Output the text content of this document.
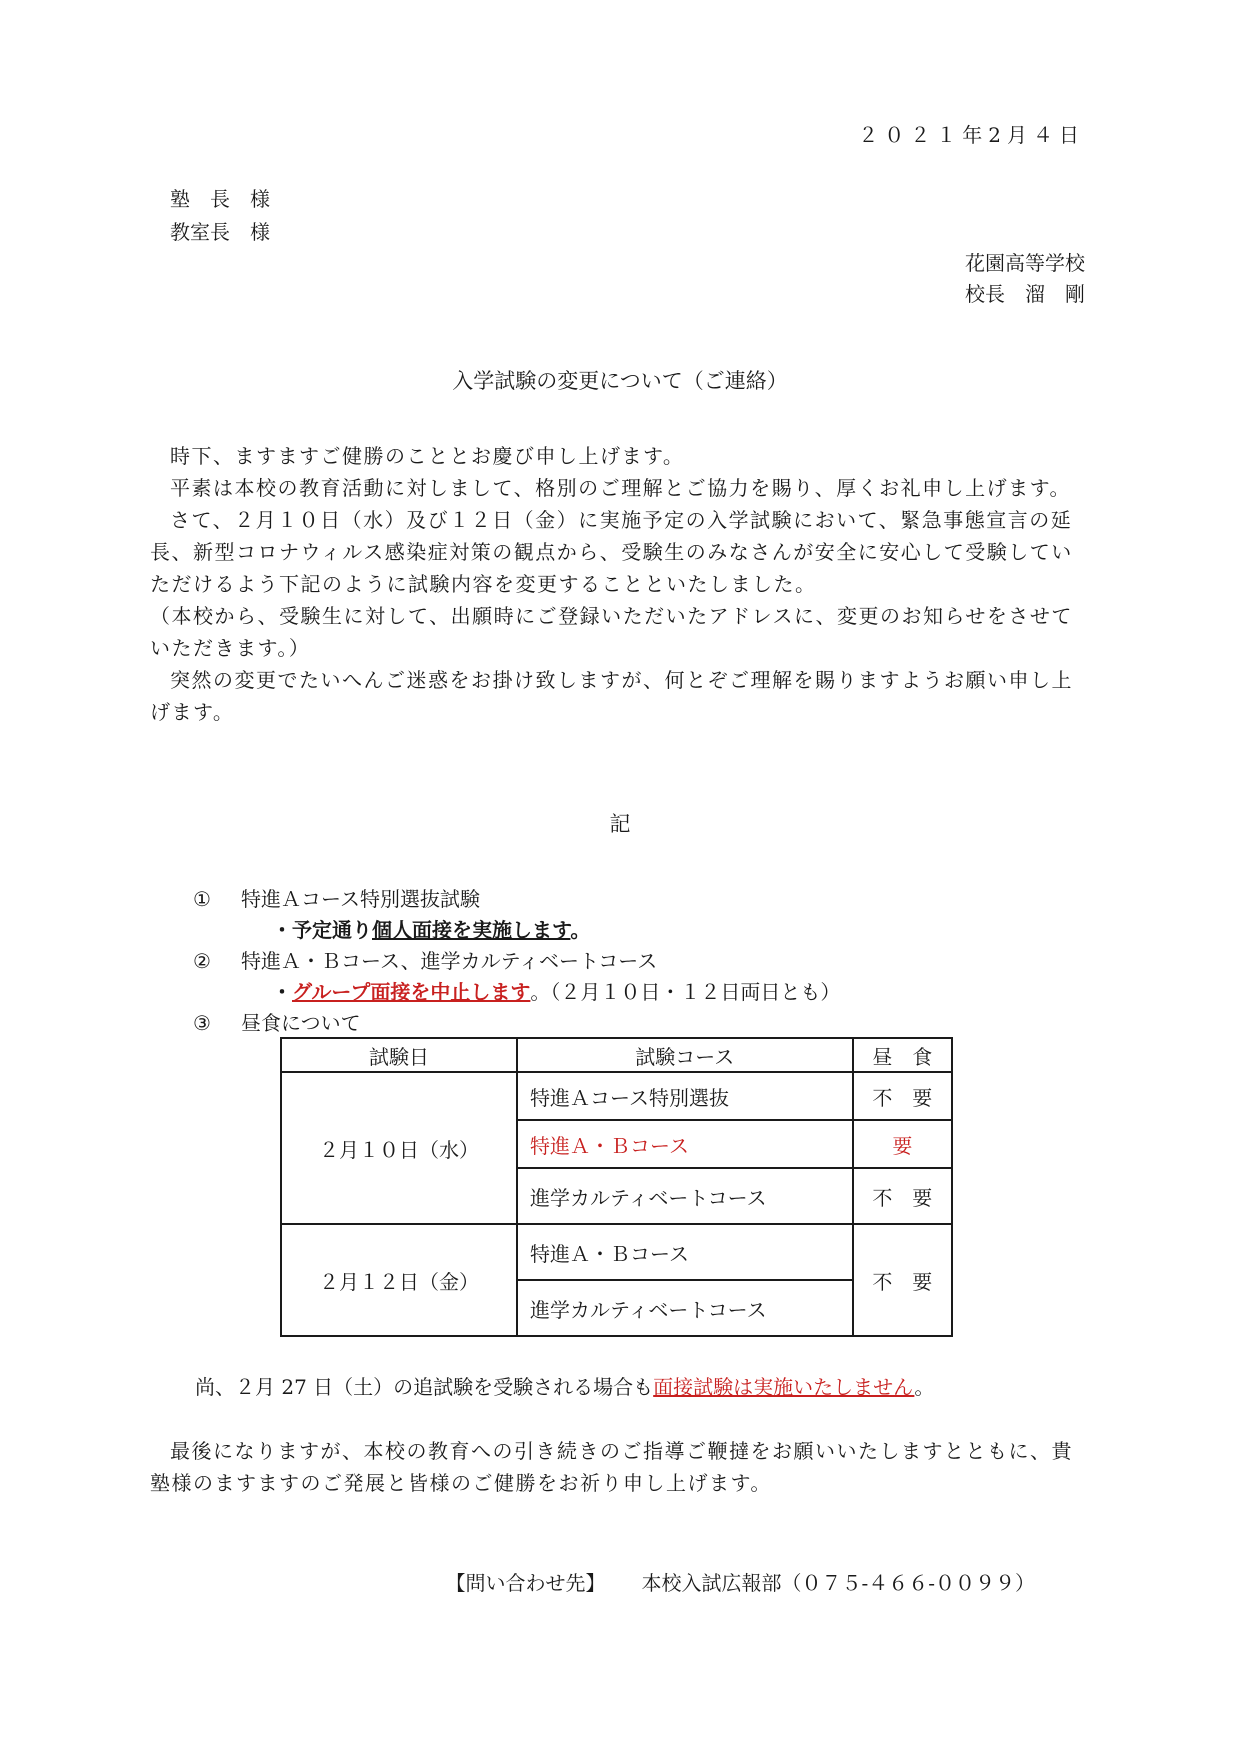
２０２１年2月４日
塾　長　様
教室長　様
花園高等学校
校長　溜　剛
入学試験の変更について（ご連絡）

時下、ますますご健勝のこととお慶び申し上げます。

平素は本校の教育活動に対しまして、格別のご理解とご協力を賜り、厚くお礼申し上げます。

さて、２月１０日（水）及び１２日（金）に実施予定の入学試験において、緊急事態宣言の延長、新型コロナウィルス感染症対策の観点から、受験生のみなさんが安全に安心して受験していただけるよう下記のように試験内容を変更することといたしました。

（本校から、受験生に対して、出願時にご登録いただいたアドレスに、変更のお知らせをさせていただきます。）

突然の変更でたいへんご迷惑をお掛け致しますが、何とぞご理解を賜りますようお願い申し上げます。

記
① 特進Ａコース特別選抜試験
・予定通り個人面接を実施します。
② 特進Ａ・Ｂコース、進学カルティベートコース
・グループ面接を中止します。（２月１０日・１２日両日とも）
③ 昼食について
試験日	試験コース	昼　食
２月１０日（水）	特進Ａコース特別選抜	不　要
	特進Ａ・Ｂコース	要
	進学カルティベートコース	不　要
２月１２日（金）	特進Ａ・Ｂコース	不　要
	進学カルティベートコース	
尚、２月 27 日（土）の追試験を受験される場合も面接試験は実施いたしません。

最後になりますが、本校の教育への引き続きのご指導ご鞭撻をお願いいたしますとともに、貴塾様のますますのご発展と皆様のご健勝をお祈り申し上げます。

【問い合わせ先】 本校入試広報部（０７５-４６６-００９９）
